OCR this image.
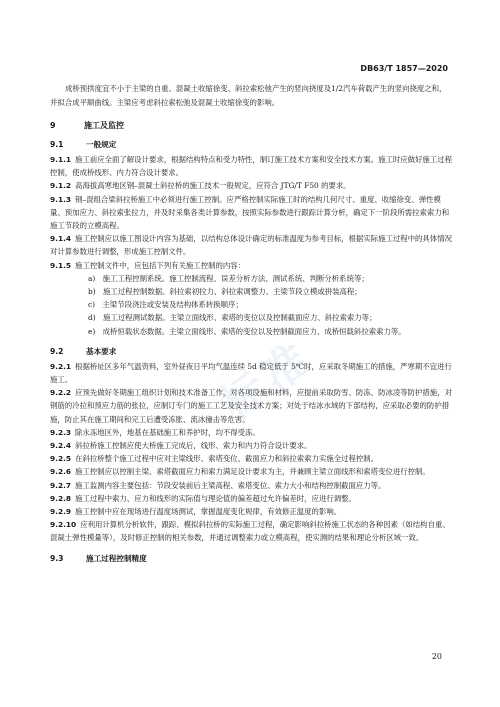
标准
DB63/T 1857—2020

成桥预拱度宜不小于主梁的自重、混凝土收缩徐变、斜拉索松弛产生的竖向挠度及1/2汽车荷载产生的竖向挠度之和，并拟合成平顺曲线。主梁应考虑斜拉索松弛及混凝土收缩徐变的影响。

9	施工及监控
9.1	一般规定

9.1.1 施工前应全面了解设计要求，根据结构特点和受力特性，制订施工技术方案和安全技术方案。施工时应做好施工过程控制，使成桥线形、内力符合设计要求。

9.1.2 高海拔高寒地区钢–混凝土斜拉桥的施工技术一般规定，应符合 JTG/T F50 的要求。

9.1.3 钢–混组合梁斜拉桥施工中必须进行施工控制。应严格控制实际施工时的结构几何尺寸、重度、收缩徐变、弹性模量、预加应力、斜拉索张拉力，并及时采集各类计算参数，按照实际参数进行跟踪计算分析，确定下一阶段所需拉索索力和施工节段的立模高程。

9.1.4 施工控制应以施工图设计内容为基础，以结构总体设计确定的标准温度为参考目标，根据实际施工过程中的具体情况对计算参数进行调整，形成施工控制文件。

9.1.5 施工控制文件中，应包括下列有关施工控制的内容：

a) 施工工程控制系统。施工控制流程、误差分析方法、测试系统、判断分析系统等；

b) 施工过程控制数据。斜拉索初拉力、斜拉索调整力、主梁节段立模或拼装高程；

c) 主梁节段浇注或安装及结构体系转换顺序；

d) 施工过程测试数据。主梁立面线形、索塔的变位以及控制截面应力、斜拉索索力等；

e) 成桥恒载状态数据。主梁立面线形、索塔的变位以及控制截面应力、成桥恒载斜拉索索力等。

9.2	基本要求

9.2.1 根据桥址区多年气温资料，室外昼夜日平均气温连续 5d 稳定低于 5℃时，应采取冬期施工的措施，严寒期不宜进行施工。

9.2.2 应预先做好冬期施工组织计划和技术准备工作，对各项设施和材料，应提前采取防雪、防冻、防冰凌等防护措施，对钢筋的冷拉和预应力筋的张拉，应制订专门的施工工艺及安全技术方案；对处于结冰水域的下部结构，应采取必要的防护措施，防止其在施工期间和完工后遭受冻胀、流冰撞击等危害。

9.2.3 除永冻地区外，地基在基础施工和养护时，均不得受冻。

9.2.4 斜拉桥施工控制应使大桥施工完成后，线形、索力和内力符合设计要求。

9.2.5 在斜拉桥整个施工过程中应对主梁线形、索塔变位、截面应力和斜拉索索力实施全过程控制。

9.2.6 施工控制应以控制主梁、索塔截面应力和索力满足设计要求为主，并兼顾主梁立面线形和索塔变位进行控制。

9.2.7 施工监测内容主要包括：节段安装前后主梁高程、索塔变位、索力大小和结构控制截面应力等。

9.2.8 施工过程中索力、应力和线形的实际值与理论值的偏差超过允许偏差时，应进行调整。

9.2.9 施工控制中应在现场进行温度场测试，掌握温度变化规律，有效修正温度的影响。

9.2.10 应利用计算机分析软件，跟踪、模拟斜拉桥的实际施工过程，确定影响斜拉桥施工状态的各种因素（如结构自重、混凝土弹性模量等），及时修正控制的相关参数，并通过调整索力或立模高程，使实测的结果和理论分析区域一致。

9.3	施工过程控制精度
20
